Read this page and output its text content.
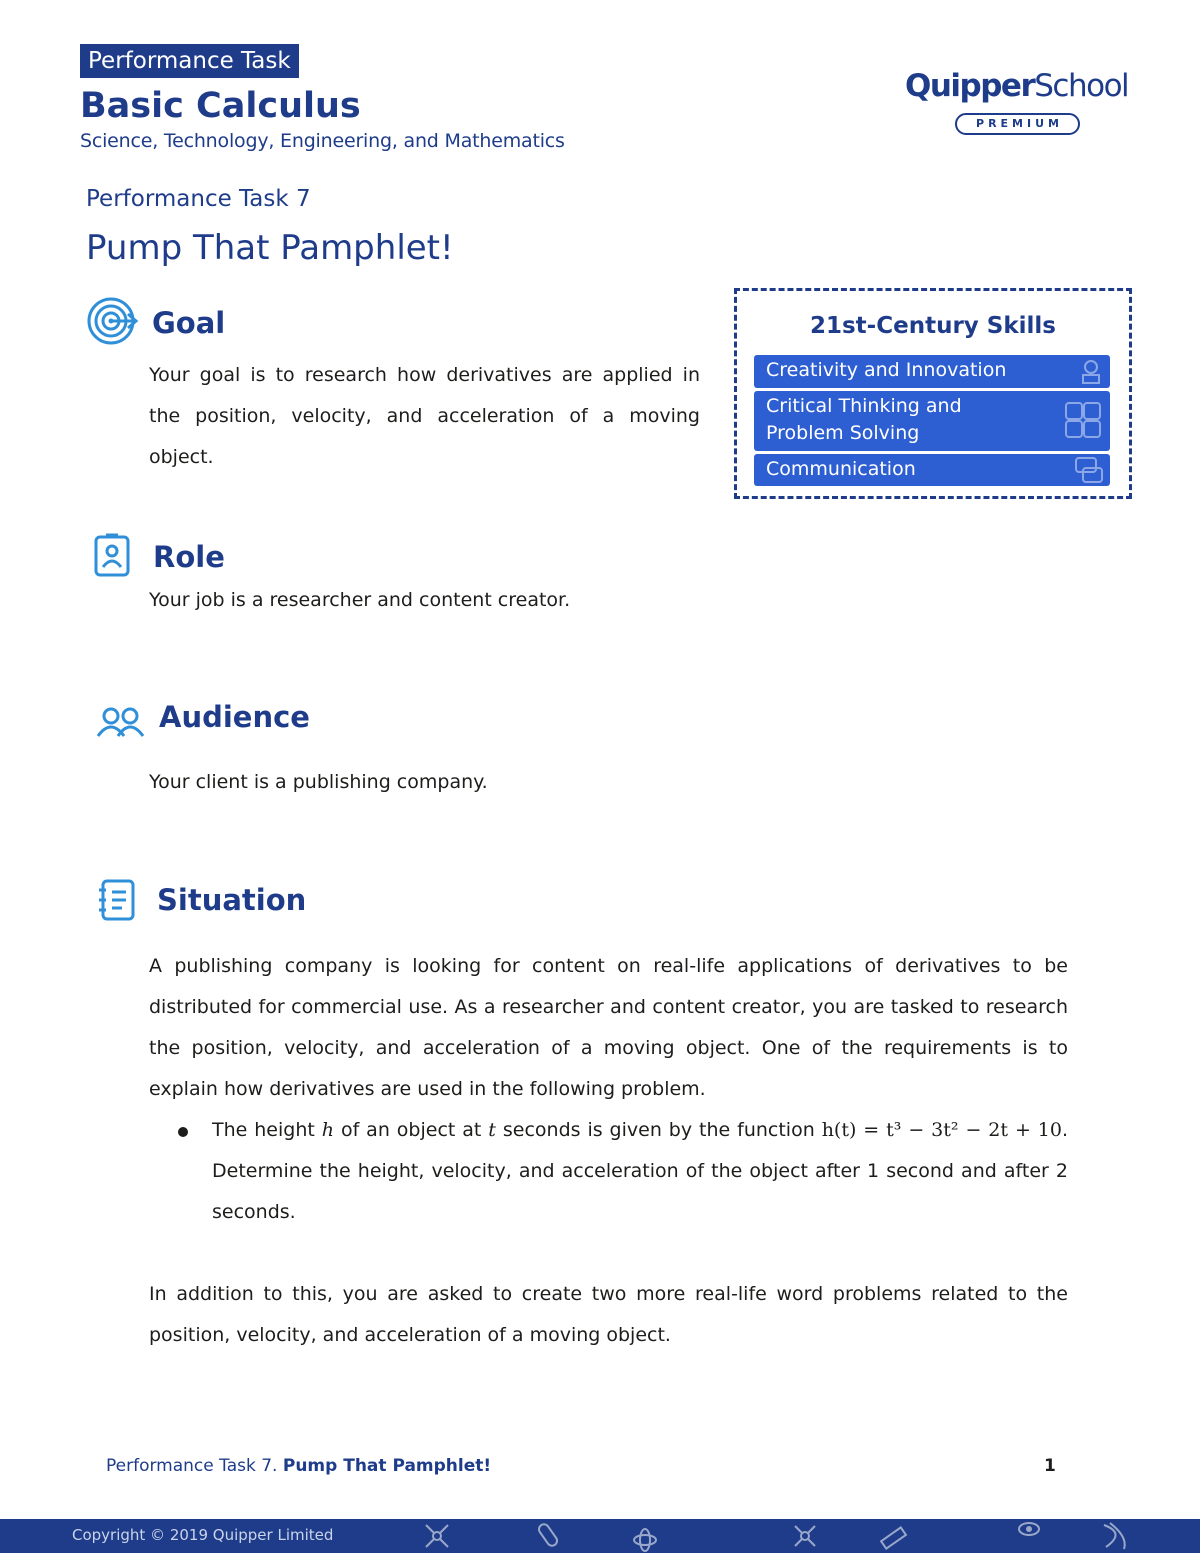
Performance Task
Basic Calculus
Science, Technology, Engineering, and Mathematics
QuipperSchool
PREMIUM
Performance Task 7
Pump That Pamphlet!
Goal
Your goal is to research how derivatives are applied in the position, velocity, and acceleration of a moving object.
21st-Century Skills
Creativity and Innovation
Critical Thinking and
Problem Solving
Communication
Role
Your job is a researcher and content creator.
Audience
Your client is a publishing company.
Situation
A publishing company is looking for content on real-life applications of derivatives to be distributed for commercial use. As a researcher and content creator, you are tasked to research the position, velocity, and acceleration of a moving object. One of the requirements is to explain how derivatives are used in the following problem.
The height h of an object at t seconds is given by the function h(t) = t³ − 3t² − 2t + 10. Determine the height, velocity, and acceleration of the object after 1 second and after 2 seconds.
In addition to this, you are asked to create two more real-life word problems related to the position, velocity, and acceleration of a moving object.
Performance Task 7. Pump That Pamphlet!	1
Copyright © 2019 Quipper Limited
